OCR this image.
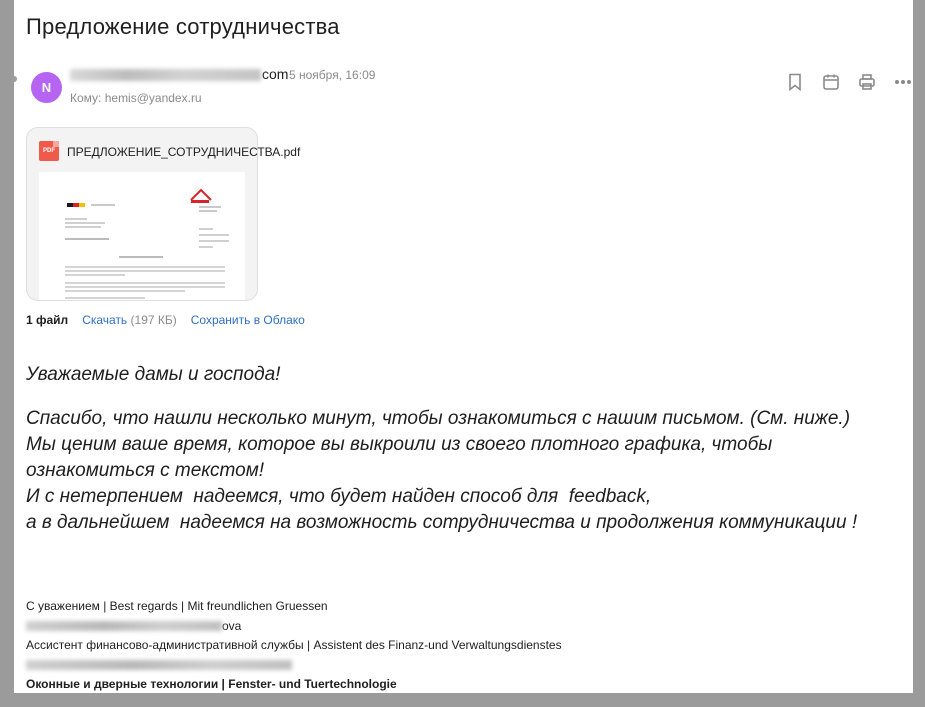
Предложение сотрудничества
N
com 5 ноября, 16:09
Кому: hemis@yandex.ru
PDF	ПРЕДЛОЖЕНИЕ_СОТРУДНИЧЕСТВА.pdf
1 файл Скачать (197 КБ) Сохранить в Облако

Уважаемые дамы и господа!

Спасибо, что нашли несколько минут, чтобы ознакомиться с нашим письмом. (См. ниже.)

Мы ценим ваше время, которое вы выкроили из своего плотного графика, чтобы

ознакомиться с текстом!

И с нетерпением  надеемся, что будет найден способ для  feedback,

а в дальнейшем  надеемся на возможность сотрудничества и продолжения коммуникации !

С уважением | Best regards | Mit freundlichen Gruessen
ova
Ассистент финансово-административной службы | Assistent des Finanz-und Verwaltungsdienstes
Оконные и дверные технологии | Fenster- und Tuertechnologie
